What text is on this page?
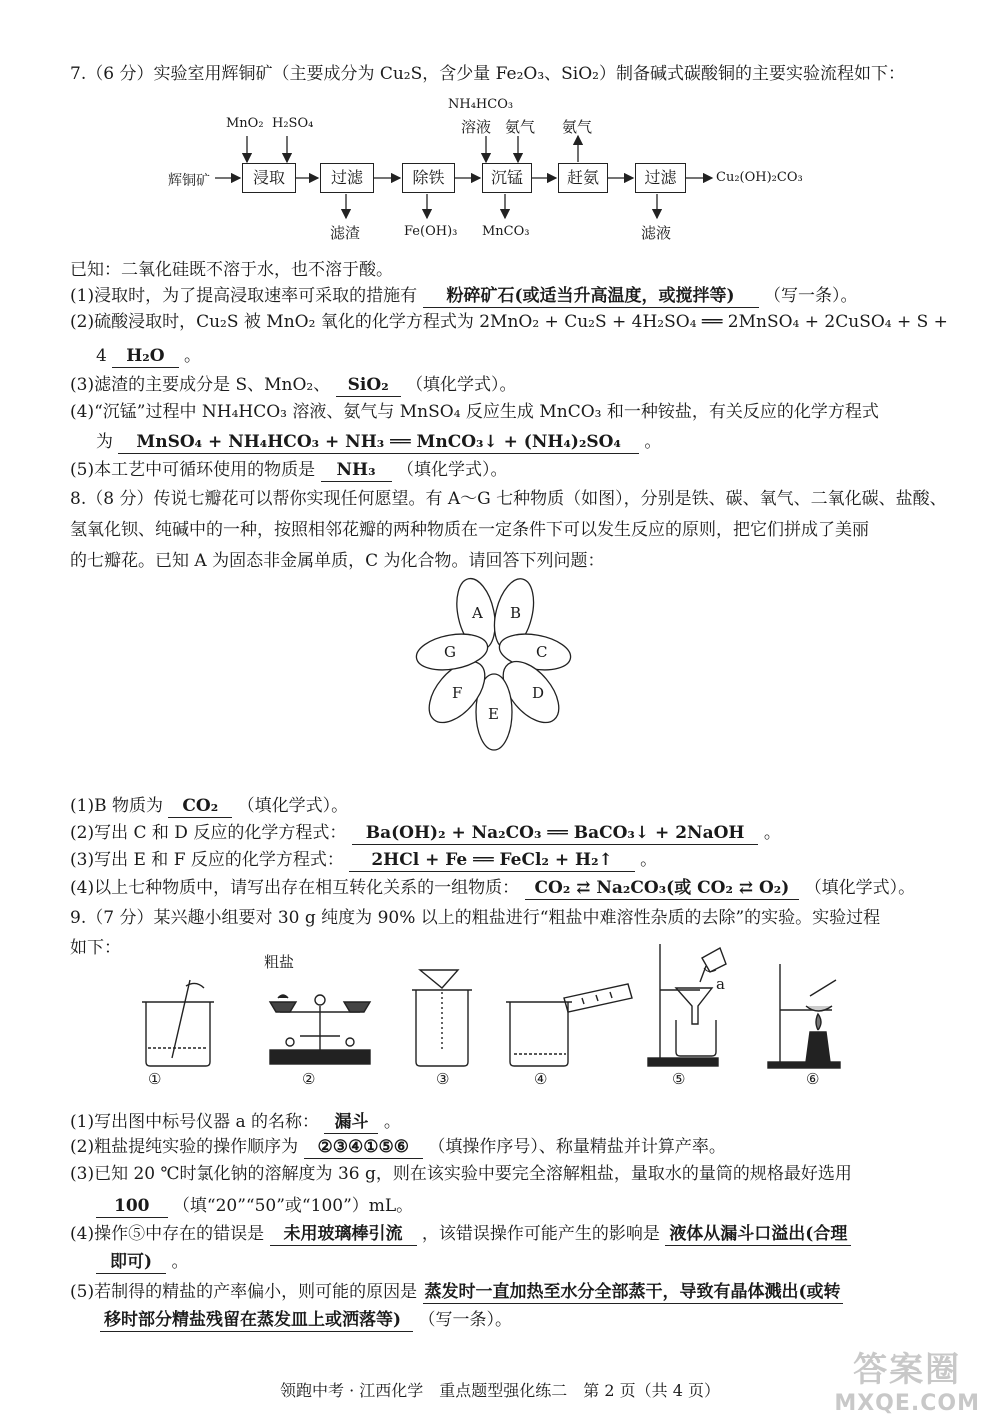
7.（6 分）实验室用辉铜矿（主要成分为 Cu₂S，含少量 Fe₂O₃、SiO₂）制备碱式碳酸铜的主要实验流程如下：
辉铜矿	浸取	过滤	除铁	沉锰	赶氨	过滤	Cu₂(OH)₂CO₃
MnO₂ H₂SO₄
NH₄HCO₃
溶液 氨气 氨气
滤渣	Fe(OH)₃ MnCO₃	滤液
已知：二氧化硅既不溶于水，也不溶于酸。
(1)浸取时，为了提高浸取速率可采取的措施有 粉碎矿石(或适当升高温度，或搅拌等) （写一条）。
(2)硫酸浸取时，Cu₂S 被 MnO₂ 氧化的化学方程式为 2MnO₂ + Cu₂S + 4H₂SO₄ ══ 2MnSO₄ + 2CuSO₄ + S +
4 H₂O 。
(3)滤渣的主要成分是 S、MnO₂、 SiO₂ （填化学式）。
(4)“沉锰”过程中 NH₄HCO₃ 溶液、氨气与 MnSO₄ 反应生成 MnCO₃ 和一种铵盐，有关反应的化学方程式
为 MnSO₄ + NH₄HCO₃ + NH₃ ══ MnCO₃↓ + (NH₄)₂SO₄ 。
(5)本工艺中可循环使用的物质是 NH₃ （填化学式）。
8.（8 分）传说七瓣花可以帮你实现任何愿望。有 A～G 七种物质（如图），分别是铁、碳、氧气、二氧化碳、盐酸、
氢氧化钡、纯碱中的一种，按照相邻花瓣的两种物质在一定条件下可以发生反应的原则，把它们拼成了美丽
的七瓣花。已知 A 为固态非金属单质，C 为化合物。请回答下列问题：
A B
C
D
E
F
G
(1)B 物质为 CO₂ （填化学式）。
(2)写出 C 和 D 反应的化学方程式： Ba(OH)₂ + Na₂CO₃ ══ BaCO₃↓ + 2NaOH 。
(3)写出 E 和 F 反应的化学方程式： 2HCl + Fe ══ FeCl₂ + H₂↑ 。
(4)以上七种物质中，请写出存在相互转化关系的一组物质： CO₂ ⇄ Na₂CO₃(或 CO₂ ⇄ O₂) （填化学式）。
9.（7 分）某兴趣小组要对 30 g 纯度为 90% 以上的粗盐进行“粗盐中难溶性杂质的去除”的实验。实验过程
如下：
粗盐
a
①	②	③	④	⑤	⑥
(1)写出图中标号仪器 a 的名称： 漏斗 。
(2)粗盐提纯实验的操作顺序为 ②③④①⑤⑥ （填操作序号）、称量精盐并计算产率。
(3)已知 20 ℃时氯化钠的溶解度为 36 g，则在该实验中要完全溶解粗盐，量取水的量筒的规格最好选用
100 （填“20”“50”或“100”）mL。
(4)操作⑤中存在的错误是 未用玻璃棒引流 ，该错误操作可能产生的影响是 液体从漏斗口溢出(合理
即可) 。
(5)若制得的精盐的产率偏小，则可能的原因是 蒸发时一直加热至水分全部蒸干，导致有晶体溅出(或转
移时部分精盐残留在蒸发皿上或洒落等) （写一条）。
领跑中考 · 江西化学　重点题型强化练二　第 2 页（共 4 页）
答案圈
MXQE.COM
